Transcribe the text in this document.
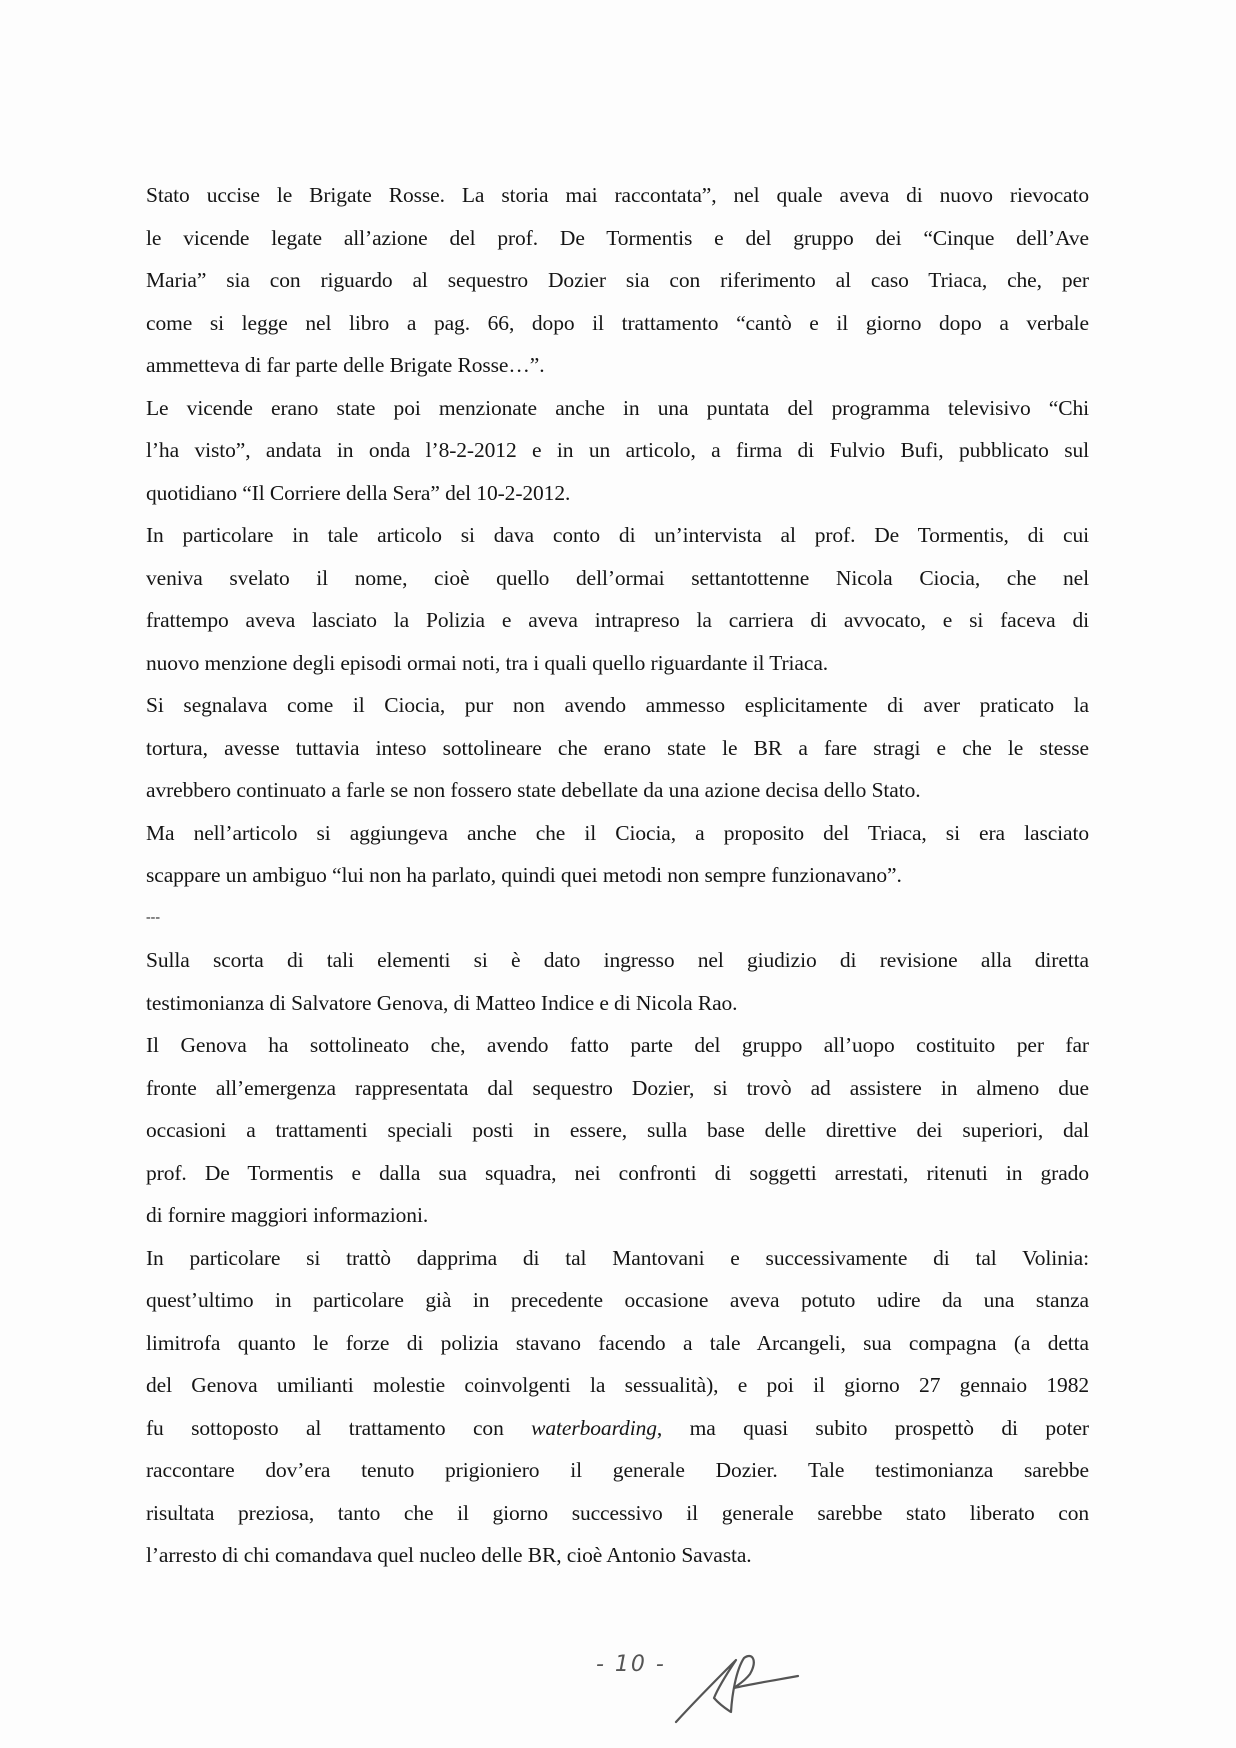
Stato uccise le Brigate Rosse. La storia mai raccontata”, nel quale aveva di nuovo rievocato
le vicende legate all’azione del prof. De Tormentis e del gruppo dei “Cinque dell’Ave
Maria” sia con riguardo al sequestro Dozier sia con riferimento al caso Triaca, che, per
come si legge nel libro a pag. 66, dopo il trattamento “cantò e il giorno dopo a verbale
ammetteva di far parte delle Brigate Rosse…”.
Le vicende erano state poi menzionate anche in una puntata del programma televisivo “Chi
l’ha visto”, andata in onda l’8-2-2012 e in un articolo, a firma di Fulvio Bufi, pubblicato sul
quotidiano “Il Corriere della Sera” del 10-2-2012.
In particolare in tale articolo si dava conto di un’intervista al prof. De Tormentis, di cui
veniva svelato il nome, cioè quello dell’ormai settantottenne Nicola Ciocia, che nel
frattempo aveva lasciato la Polizia e aveva intrapreso la carriera di avvocato, e si faceva di
nuovo menzione degli episodi ormai noti, tra i quali quello riguardante il Triaca.
Si segnalava come il Ciocia, pur non avendo ammesso esplicitamente di aver praticato la
tortura, avesse tuttavia inteso sottolineare che erano state le BR a fare stragi e che le stesse
avrebbero continuato a farle se non fossero state debellate da una azione decisa dello Stato.
Ma nell’articolo si aggiungeva anche che il Ciocia, a proposito del Triaca, si era lasciato
scappare un ambiguo “lui non ha parlato, quindi quei metodi non sempre funzionavano”.
---
Sulla scorta di tali elementi si è dato ingresso nel giudizio di revisione alla diretta
testimonianza di Salvatore Genova, di Matteo Indice e di Nicola Rao.
Il Genova ha sottolineato che, avendo fatto parte del gruppo all’uopo costituito per far
fronte all’emergenza rappresentata dal sequestro Dozier, si trovò ad assistere in almeno due
occasioni a trattamenti speciali posti in essere, sulla base delle direttive dei superiori, dal
prof. De Tormentis e dalla sua squadra, nei confronti di soggetti arrestati, ritenuti in grado
di fornire maggiori informazioni.
In particolare si trattò dapprima di tal Mantovani e successivamente di tal Volinia:
quest’ultimo in particolare già in precedente occasione aveva potuto udire da una stanza
limitrofa quanto le forze di polizia stavano facendo a tale Arcangeli, sua compagna (a detta
del Genova umilianti molestie coinvolgenti la sessualità), e poi il giorno 27 gennaio 1982
fu sottoposto al trattamento con waterboarding, ma quasi subito prospettò di poter
raccontare dov’era tenuto prigioniero il generale Dozier. Tale testimonianza sarebbe
risultata preziosa, tanto che il giorno successivo il generale sarebbe stato liberato con
l’arresto di chi comandava quel nucleo delle BR, cioè Antonio Savasta.
- 10 -
